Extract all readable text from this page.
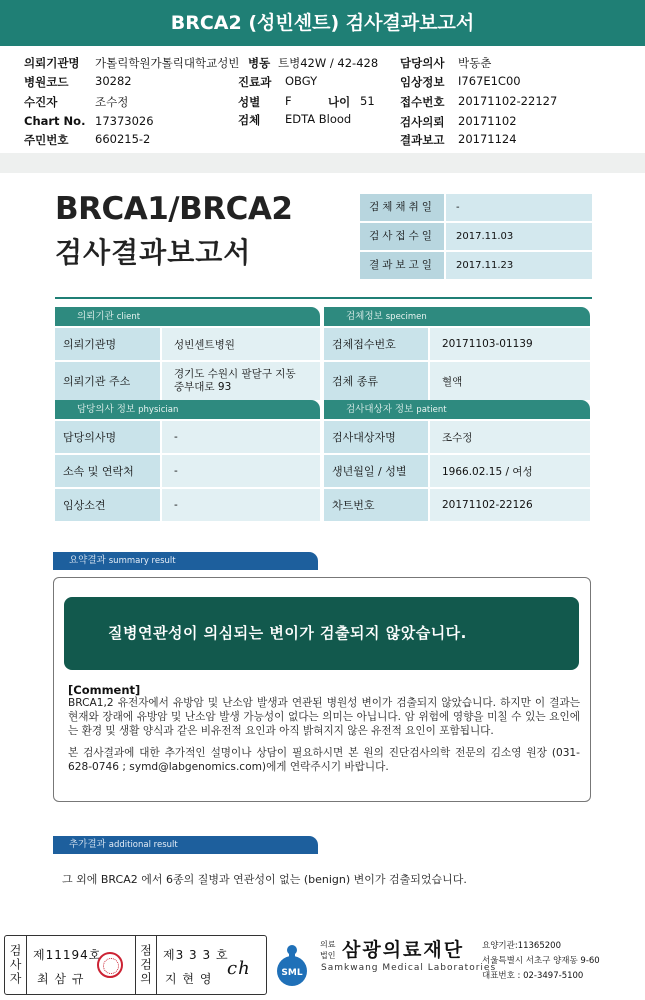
BRCA2 (성빈센트) 검사결과보고서
의뢰기관명 가톨릭학원가톨릭대학교성빈 병동 트병42W / 42-428 담당의사 박동춘
병원코드 30282	진료과 OBGY	임상정보 I767E1C00
수진자	조수정	성별 F	나이 51 접수번호 20171102-22127
Chart No. 17373026	검체 EDTA Blood	검사의뢰 20171102
주민번호 660215-2	결과보고 20171124
BRCA1/BRCA2
검사결과보고서
검체채취일	-
검사접수일	2017.11.03
결과보고일	2017.11.23
의뢰기관 client	검체정보 specimen
의뢰기관명	성빈센트병원
의뢰기관 주소
경기도 수원시 팔달구 지동
중부대로 93
검체접수번호	20171103-01139
검체 종류	혈액
담당의사 정보 physician	검사대상자 정보 patient
담당의사명	-
소속 및 연락처	-
임상소견	-
검사대상자명	조수정
생년월일 / 성별	1966.02.15 / 여성
차트번호	20171102-22126
요약결과 summary result
질병연관성이 의심되는 변이가 검출되지 않았습니다.
[Comment]

BRCA1,2 유전자에서 유방암 및 난소암 발생과 연관된 병원성 변이가 검출되지 않았습니다. 하지만 이 결과는 현재와 장래에 유방암 및 난소암 발생 가능성이 없다는 의미는 아닙니다. 암 위험에 영향을 미칠 수 있는 요인에는 환경 및 생활 양식과 같은 비유전적 요인과 아직 밝혀지지 않은 유전적 요인이 포함됩니다.

본 검사결과에 대한 추가적인 설명이나 상담이 필요하시면 본 원의 진단검사의학 전문의 김소영 원장 (031-628-0746 ; symd@labgenomics.com)에게 연락주시기 바랍니다.

추가결과 additional result
그 외에 BRCA2 에서 6종의 질병과 연관성이 없는 (benign) 변이가 검출되었습니다.
검사자 제11194호
최 삼 규	점검의 제3 3 3 호
지 현 영 ch	SML
의료
법인 삼광의료재단
Samkwang Medical Laboratories
요양기관:11365200
서울특별시 서초구 양재동 9-60
대표번호 : 02-3497-5100
